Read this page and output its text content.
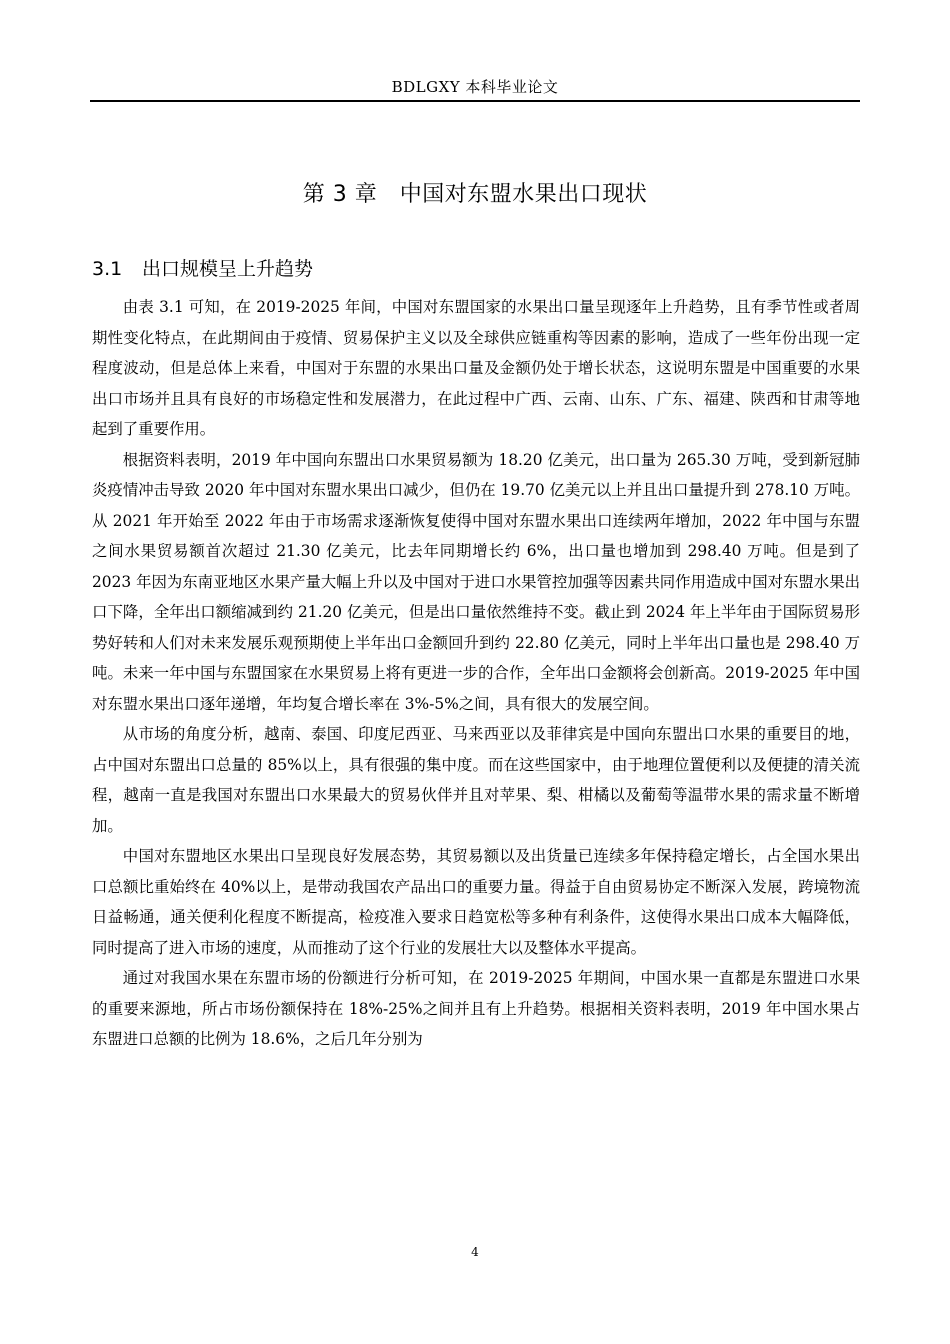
BDLGXY 本科毕业论文
第 3 章　中国对东盟水果出口现状
3.1 出口规模呈上升趋势

由表 3.1 可知，在 2019-2025 年间，中国对东盟国家的水果出口量呈现逐年上升趋势，且有季节性或者周期性变化特点，在此期间由于疫情、贸易保护主义以及全球供应链重构等因素的影响，造成了一些年份出现一定程度波动，但是总体上来看，中国对于东盟的水果出口量及金额仍处于增长状态，这说明东盟是中国重要的水果出口市场并且具有良好的市场稳定性和发展潜力，在此过程中广西、云南、山东、广东、福建、陕西和甘肃等地起到了重要作用。

根据资料表明，2019 年中国向东盟出口水果贸易额为 18.20 亿美元，出口量为 265.30 万吨，受到新冠肺炎疫情冲击导致 2020 年中国对东盟水果出口减少，但仍在 19.70 亿美元以上并且出口量提升到 278.10 万吨。从 2021 年开始至 2022 年由于市场需求逐渐恢复使得中国对东盟水果出口连续两年增加，2022 年中国与东盟之间水果贸易额首次超过 21.30 亿美元，比去年同期增长约 6%，出口量也增加到 298.40 万吨。但是到了 2023 年因为东南亚地区水果产量大幅上升以及中国对于进口水果管控加强等因素共同作用造成中国对东盟水果出口下降，全年出口额缩减到约 21.20 亿美元，但是出口量依然维持不变。截止到 2024 年上半年由于国际贸易形势好转和人们对未来发展乐观预期使上半年出口金额回升到约 22.80 亿美元，同时上半年出口量也是 298.40 万吨。未来一年中国与东盟国家在水果贸易上将有更进一步的合作，全年出口金额将会创新高。2019-2025 年中国对东盟水果出口逐年递增，年均复合增长率在 3%-5%之间，具有很大的发展空间。

从市场的角度分析，越南、泰国、印度尼西亚、马来西亚以及菲律宾是中国向东盟出口水果的重要目的地，占中国对东盟出口总量的 85%以上，具有很强的集中度。而在这些国家中，由于地理位置便利以及便捷的清关流程，越南一直是我国对东盟出口水果最大的贸易伙伴并且对苹果、梨、柑橘以及葡萄等温带水果的需求量不断增加。

中国对东盟地区水果出口呈现良好发展态势，其贸易额以及出货量已连续多年保持稳定增长，占全国水果出口总额比重始终在 40%以上，是带动我国农产品出口的重要力量。得益于自由贸易协定不断深入发展，跨境物流日益畅通，通关便利化程度不断提高，检疫准入要求日趋宽松等多种有利条件，这使得水果出口成本大幅降低，同时提高了进入市场的速度，从而推动了这个行业的发展壮大以及整体水平提高。

通过对我国水果在东盟市场的份额进行分析可知，在 2019-2025 年期间，中国水果一直都是东盟进口水果的重要来源地，所占市场份额保持在 18%-25%之间并且有上升趋势。根据相关资料表明，2019 年中国水果占东盟进口总额的比例为 18.6%，之后几年分别为

4
